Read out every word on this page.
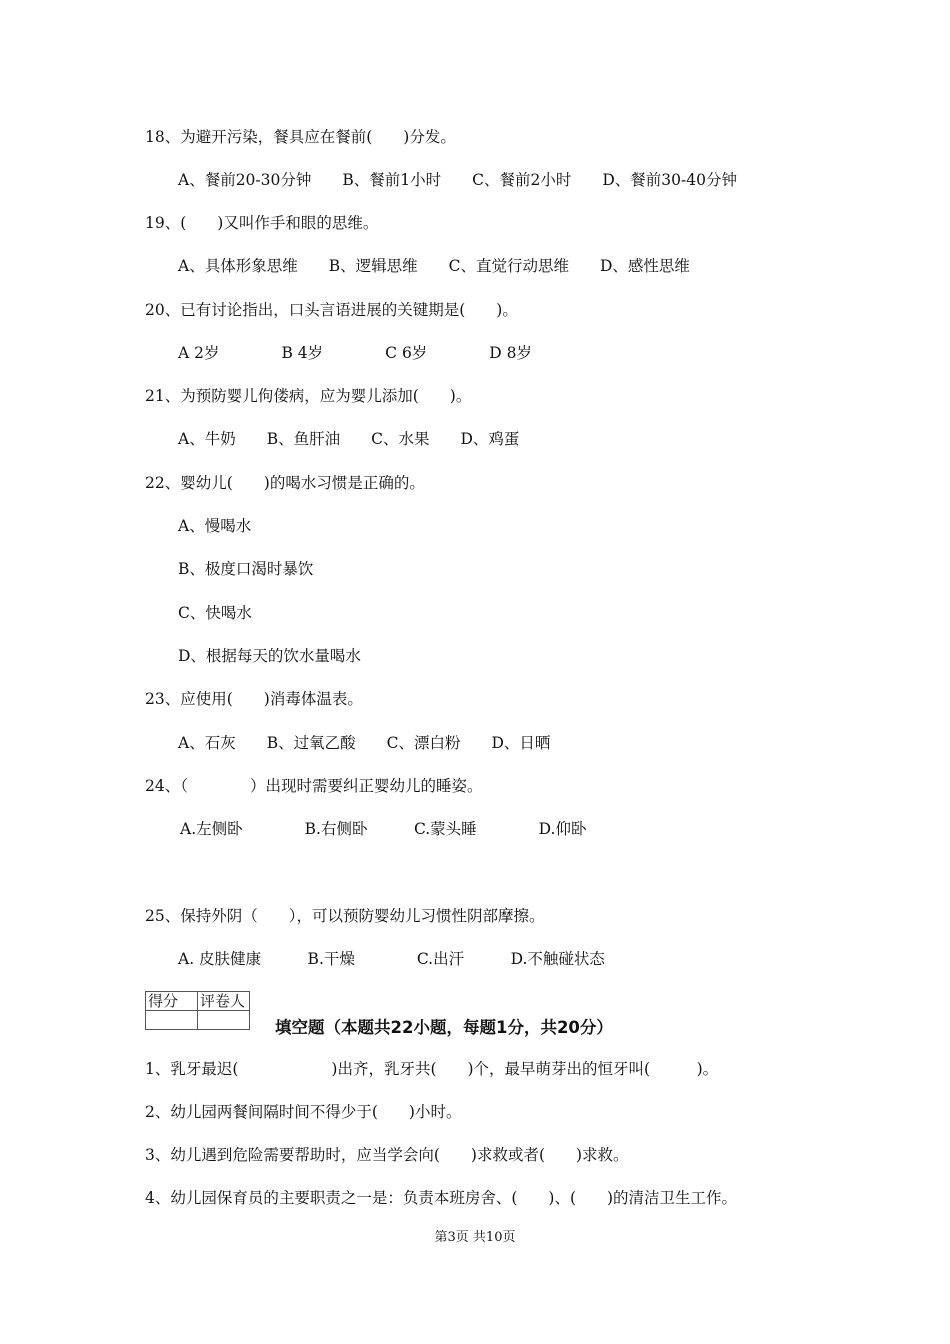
18、为避开污染，餐具应在餐前(　　)分发。
A、餐前20-30分钟　　B、餐前1小时　　C、餐前2小时　　D、餐前30-40分钟
19、(　　)又叫作手和眼的思维。
A、具体形象思维　　B、逻辑思维　　C、直觉行动思维　　D、感性思维
20、已有讨论指出，口头言语进展的关键期是(　　)。
A 2岁　　　　B 4岁　　　　C 6岁　　　　D 8岁
21、为预防婴儿佝偻病，应为婴儿添加(　　)。
A、牛奶　　B、鱼肝油　　C、水果　　D、鸡蛋
22、婴幼儿(　　)的喝水习惯是正确的。
A、慢喝水
B、极度口渴时暴饮
C、快喝水
D、根据每天的饮水量喝水
23、应使用(　　)消毒体温表。
A、石灰　　B、过氧乙酸　　C、漂白粉　　D、日晒
24、（　　　　）出现时需要纠正婴幼儿的睡姿。
A.左侧卧　　　　B.右侧卧　　　C.蒙头睡　　　　D.仰卧
25、保持外阴（　　），可以预防婴幼儿习惯性阴部摩擦。
A. 皮肤健康　　　B.干燥　　　　C.出汗　　　D.不触碰状态
得分	评卷人

填空题（本题共22小题，每题1分，共20分）
1、乳牙最迟(　　　　　　)出齐，乳牙共(　　)个，最早萌芽出的恒牙叫(　　　)。
2、幼儿园两餐间隔时间不得少于(　　)小时。
3、幼儿遇到危险需要帮助时，应当学会向(　　)求救或者(　　)求救。
4、幼儿园保育员的主要职责之一是：负责本班房舍、(　　)、(　　)的清洁卫生工作。
第3页 共10页
